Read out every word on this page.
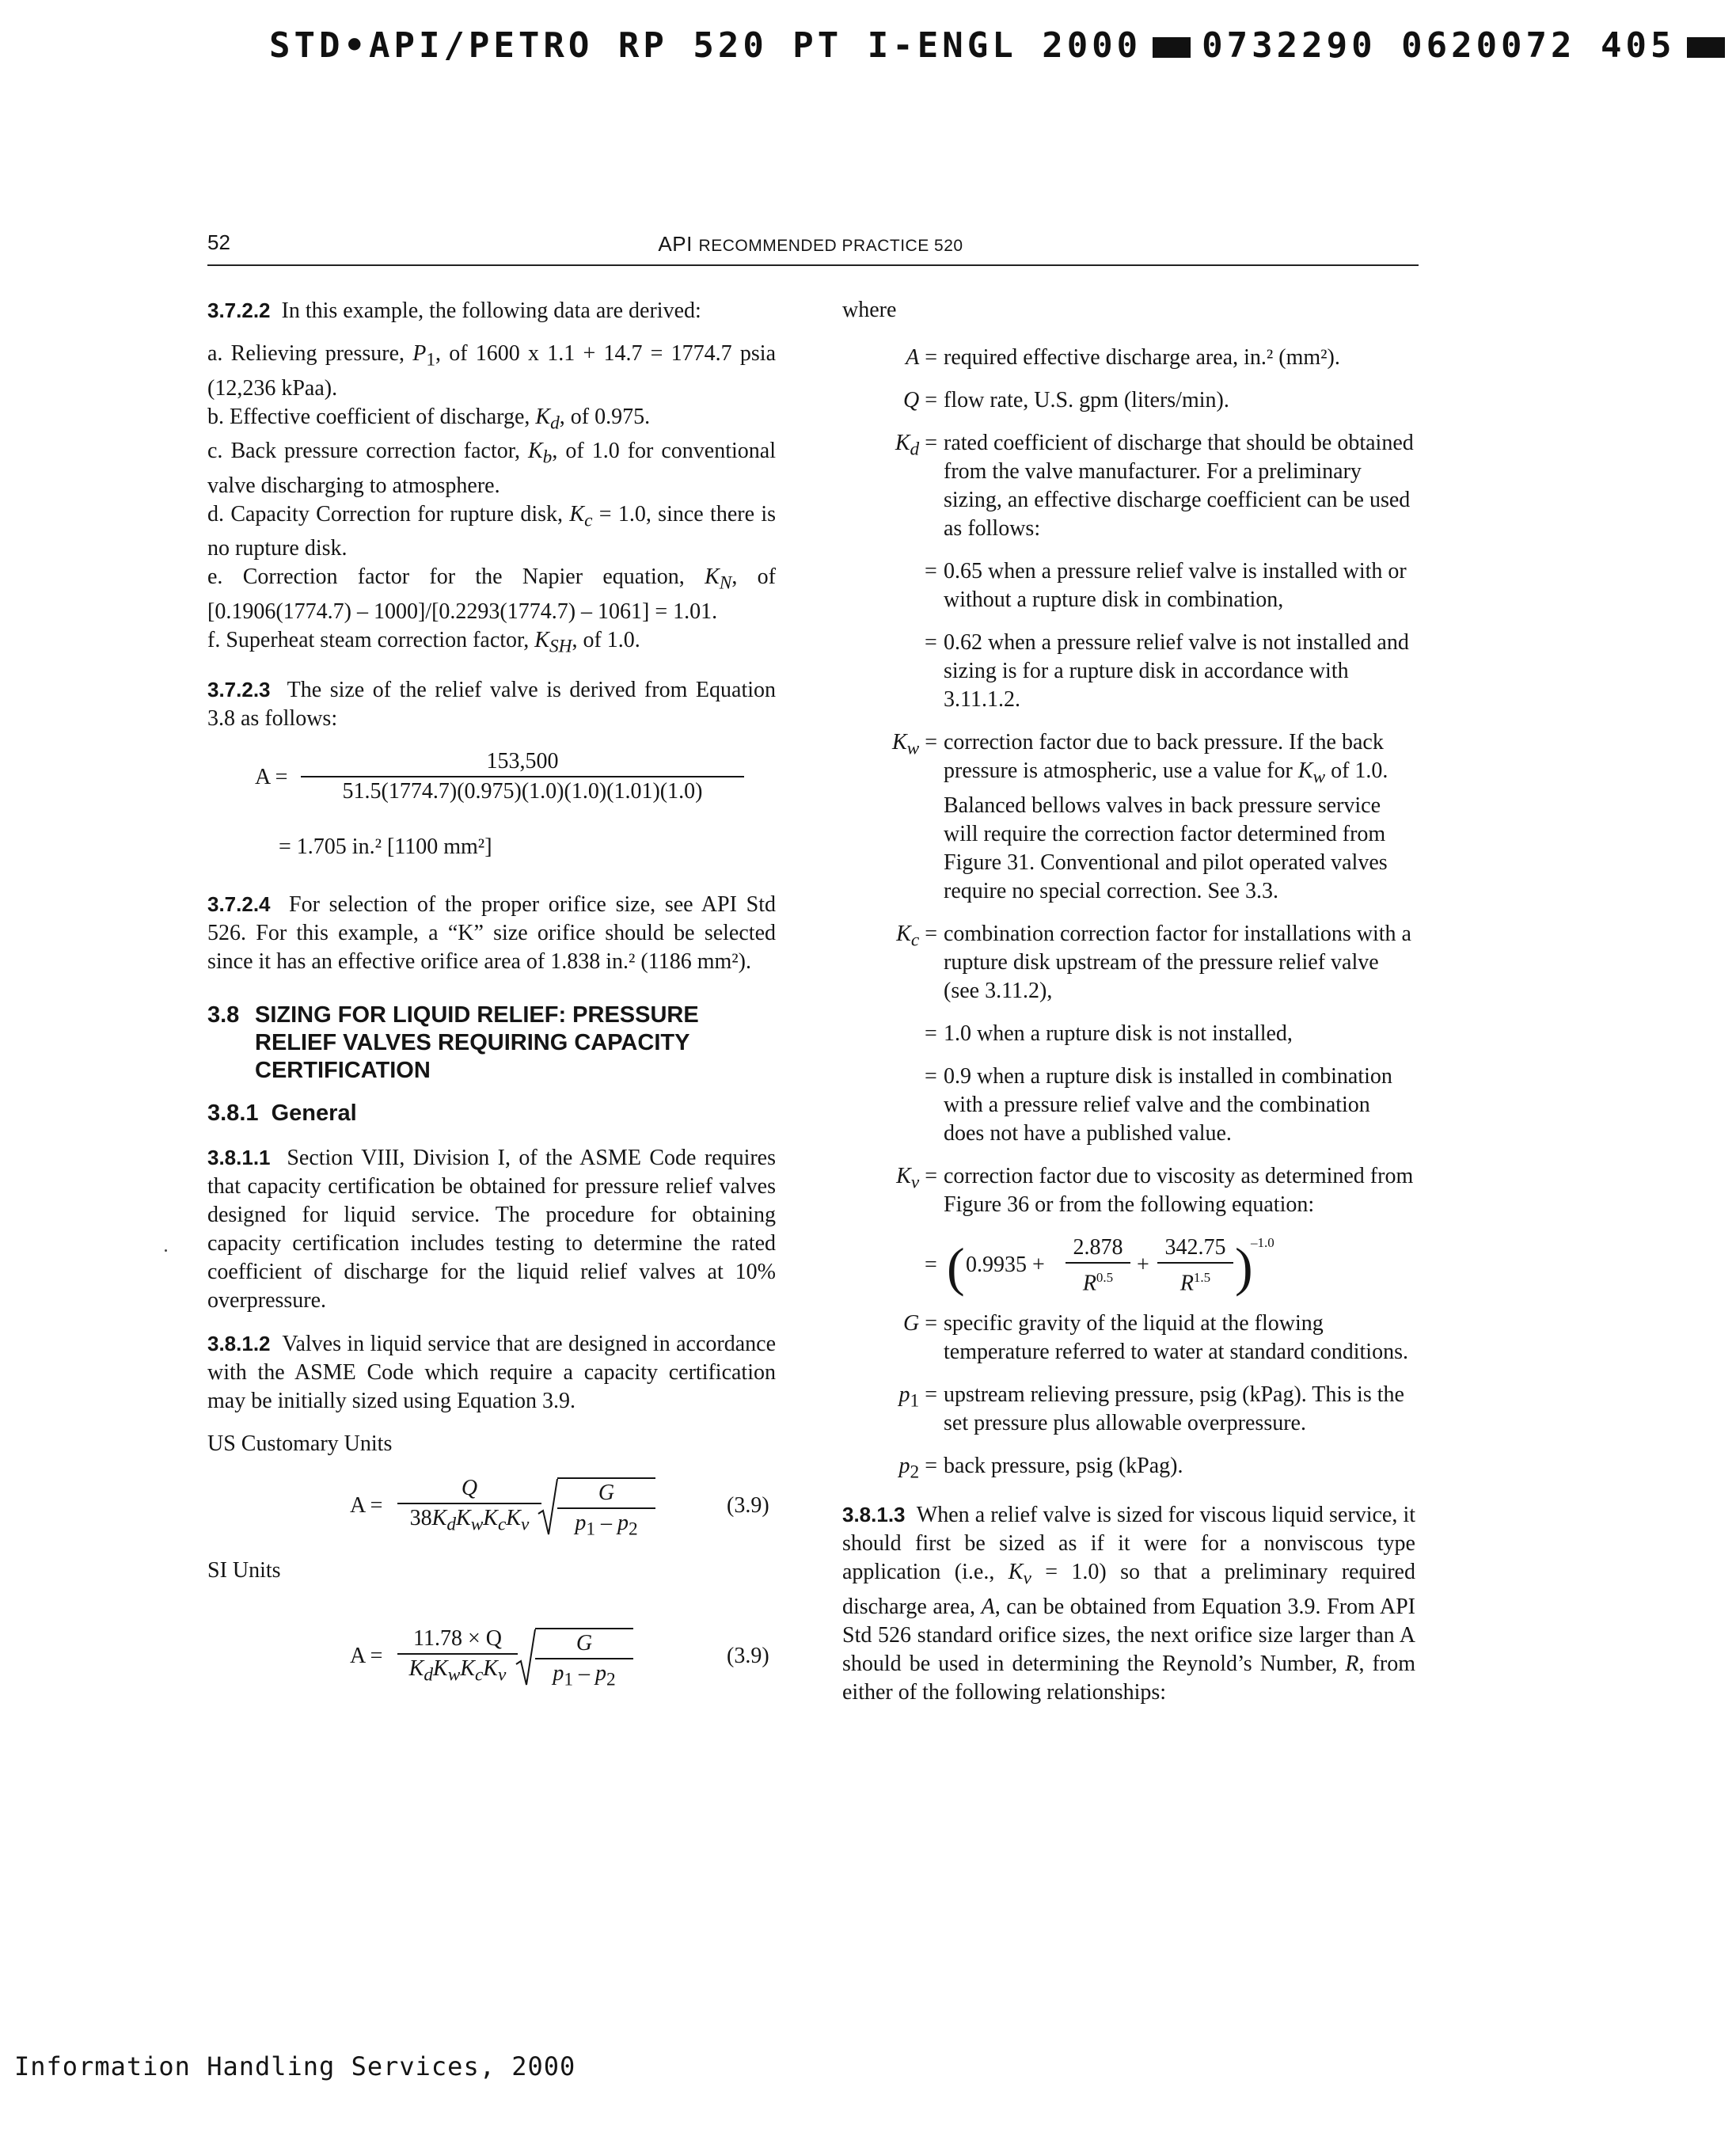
STD•API/PETRO RP 520 PT I-ENGL 2000 0732290 0620072 405
52	API RECOMMENDED PRACTICE 520

3.7.2.2 In this example, the following data are derived:

a. Relieving pressure, $P_1$, of 1600 x 1.1 + 14.7 = 1774.7 psia (12,236 kPaa).

b. Effective coefficient of discharge, $K_d$, of 0.975.

c. Back pressure correction factor, $K_b$, of 1.0 for conventional valve discharging to atmosphere.

d. Capacity Correction for rupture disk, $K_c = 1.0$, since there is no rupture disk.

e. Correction factor for the Napier equation, $K_N$, of [0.1906(1774.7) – 1000]/[0.2293(1774.7) – 1061] = 1.01.

f. Superheat steam correction factor, $K_{SH}$, of 1.0.

3.7.2.3 The size of the relief valve is derived from Equation 3.8 as follows:

$A = \frac{153,500}{51.5(1774.7)(0.975)(1.0)(1.0)(1.01)(1.0)}$
= 1.705 in.² [1100 mm²]

3.7.2.4 For selection of the proper orifice size, see API Std 526. For this example, a “K” size orifice should be selected since it has an effective orifice area of 1.838 in.² (1186 mm²).

3.8 SIZING FOR LIQUID RELIEF: PRESSURE RELIEF VALVES REQUIRING CAPACITY CERTIFICATION
3.8.1 General

3.8.1.1 Section VIII, Division I, of the ASME Code requires that capacity certification be obtained for pressure relief valves designed for liquid service. The procedure for obtaining capacity certification includes testing to determine the rated coefficient of discharge for the liquid relief valves at 10% overpressure.

3.8.1.2 Valves in liquid service that are designed in accordance with the ASME Code which require a capacity certification may be initially sized using Equation 3.9.

US Customary Units
A =
Q
$38K_dK_wK_cK_v$	$\frac{G}{p_1 - p_2}$	(3.9)
SI Units
A =
11.78 × Q
$K_dK_wK_cK_v$	$\frac{G}{p_1 - p_2}$	(3.9)
where
A = required effective discharge area, in.² (mm²).
Q = flow rate, U.S. gpm (liters/min).
$K_d$ = rated coefficient of discharge that should be obtained from the valve manufacturer. For a preliminary sizing, an effective discharge coefficient can be used as follows:
= 0.65 when a pressure relief valve is installed with or without a rupture disk in combination,
= 0.62 when a pressure relief valve is not installed and sizing is for a rupture disk in accordance with 3.11.1.2.
$K_w$ = correction factor due to back pressure. If the back pressure is atmospheric, use a value for $K_w$ of 1.0. Balanced bellows valves in back pressure service will require the correction factor determined from Figure 31. Conventional and pilot operated valves require no special correction. See 3.3.
$K_c$ = combination correction factor for installations with a rupture disk upstream of the pressure relief valve (see 3.11.2),
= 1.0 when a rupture disk is not installed,
= 0.9 when a rupture disk is installed in combination with a pressure relief valve and the combination does not have a published value.
$K_v$ = correction factor due to viscosity as determined from Figure 36 or from the following equation:
= ( $0.9935 + \frac{2.878}{R^{0.5}} + \frac{342.75}{R^{1.5}}$ )
–1.0
G = specific gravity of the liquid at the flowing temperature referred to water at standard conditions.
$p_1$ = upstream relieving pressure, psig (kPag). This is the set pressure plus allowable overpressure.
$p_2$ = back pressure, psig (kPag).

3.8.1.3 When a relief valve is sized for viscous liquid service, it should first be sized as if it were for a nonviscous type application (i.e., $K_v = 1.0$) so that a preliminary required discharge area, A, can be obtained from Equation 3.9. From API Std 526 standard orifice sizes, the next orifice size larger than A should be used in determining the Reynold’s Number, R, from either of the following relationships:

Information Handling Services, 2000
